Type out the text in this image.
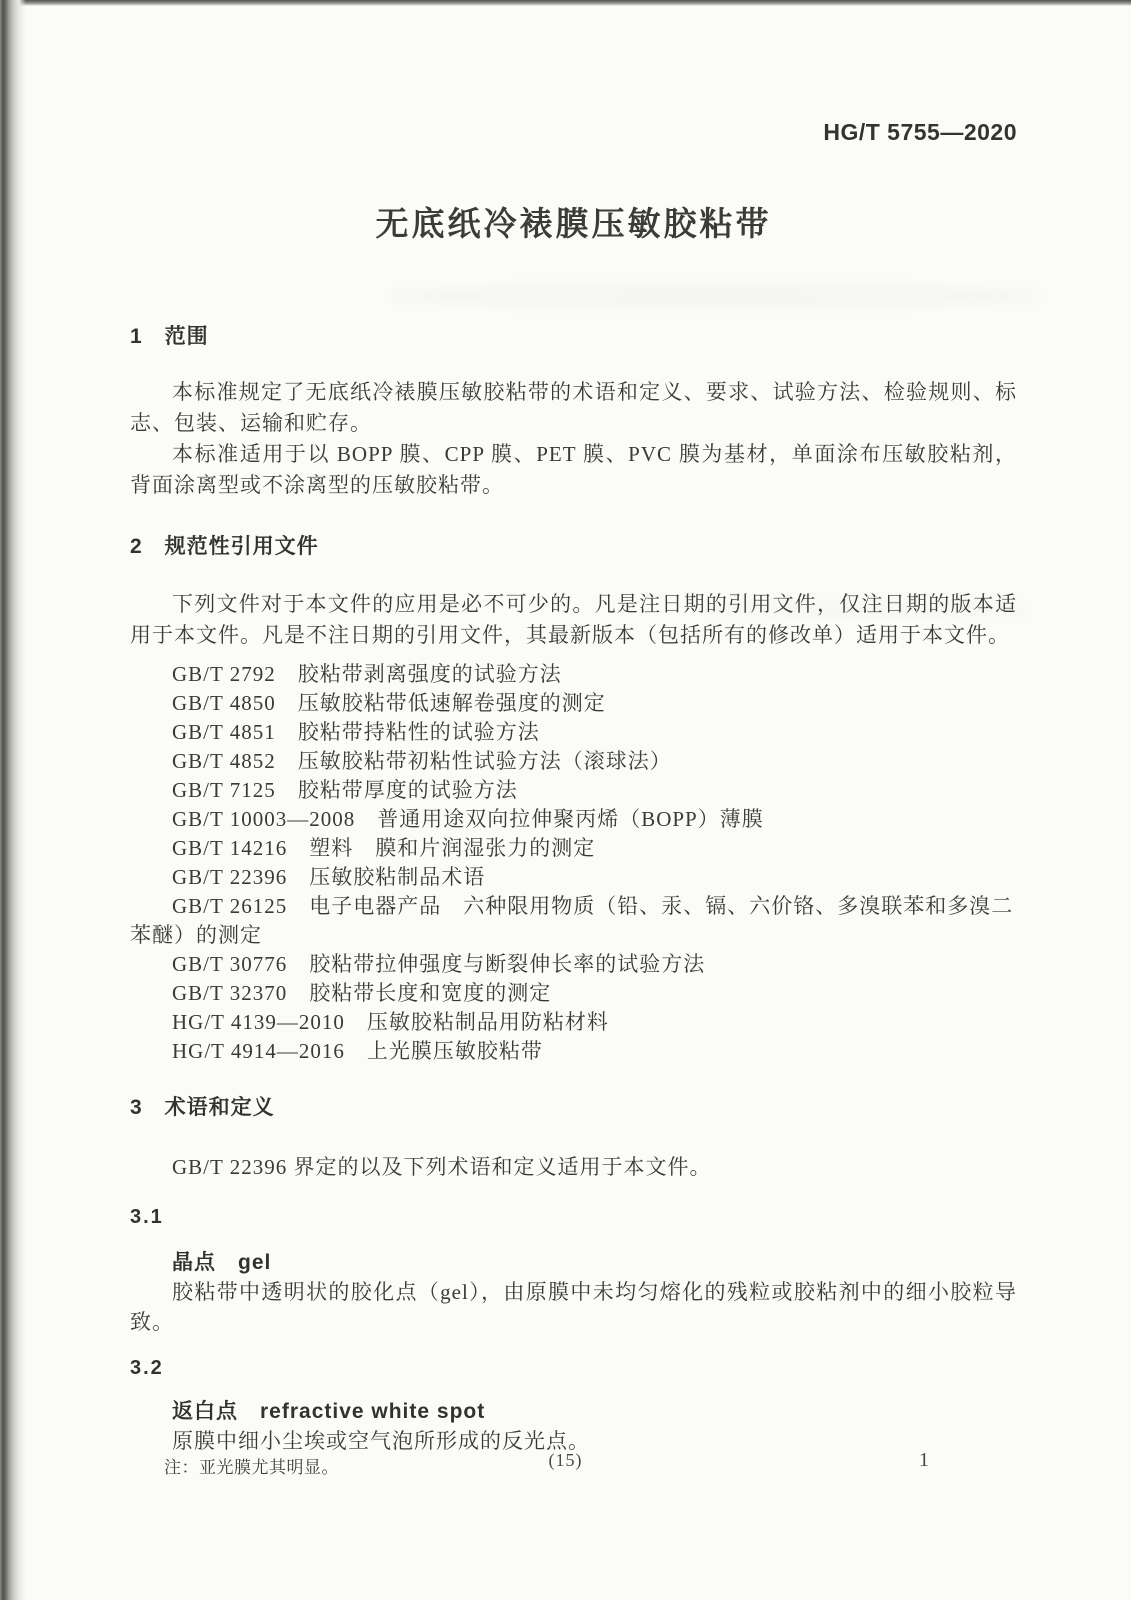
HG/T 5755—2020
无底纸冷裱膜压敏胶粘带
1　范围

本标准规定了无底纸冷裱膜压敏胶粘带的术语和定义、要求、试验方法、检验规则、标志、包装、运输和贮存。

本标准适用于以 BOPP 膜、CPP 膜、PET 膜、PVC 膜为基材，单面涂布压敏胶粘剂，背面涂离型或不涂离型的压敏胶粘带。

2　规范性引用文件

下列文件对于本文件的应用是必不可少的。凡是注日期的引用文件，仅注日期的版本适用于本文件。凡是不注日期的引用文件，其最新版本（包括所有的修改单）适用于本文件。

GB/T 2792　胶粘带剥离强度的试验方法

GB/T 4850　压敏胶粘带低速解卷强度的测定

GB/T 4851　胶粘带持粘性的试验方法

GB/T 4852　压敏胶粘带初粘性试验方法（滚球法）

GB/T 7125　胶粘带厚度的试验方法

GB/T 10003—2008　普通用途双向拉伸聚丙烯（BOPP）薄膜

GB/T 14216　塑料　膜和片润湿张力的测定

GB/T 22396　压敏胶粘制品术语

GB/T 26125　电子电器产品　六种限用物质（铅、汞、镉、六价铬、多溴联苯和多溴二苯醚）的测定

GB/T 30776　胶粘带拉伸强度与断裂伸长率的试验方法

GB/T 32370　胶粘带长度和宽度的测定

HG/T 4139—2010　压敏胶粘制品用防粘材料

HG/T 4914—2016　上光膜压敏胶粘带

3　术语和定义

GB/T 22396 界定的以及下列术语和定义适用于本文件。

3.1

晶点　gel

胶粘带中透明状的胶化点（gel），由原膜中未均匀熔化的残粒或胶粘剂中的细小胶粒导致。

3.2

返白点　refractive white spot

原膜中细小尘埃或空气泡所形成的反光点。

注：亚光膜尤其明显。	(15)	1
